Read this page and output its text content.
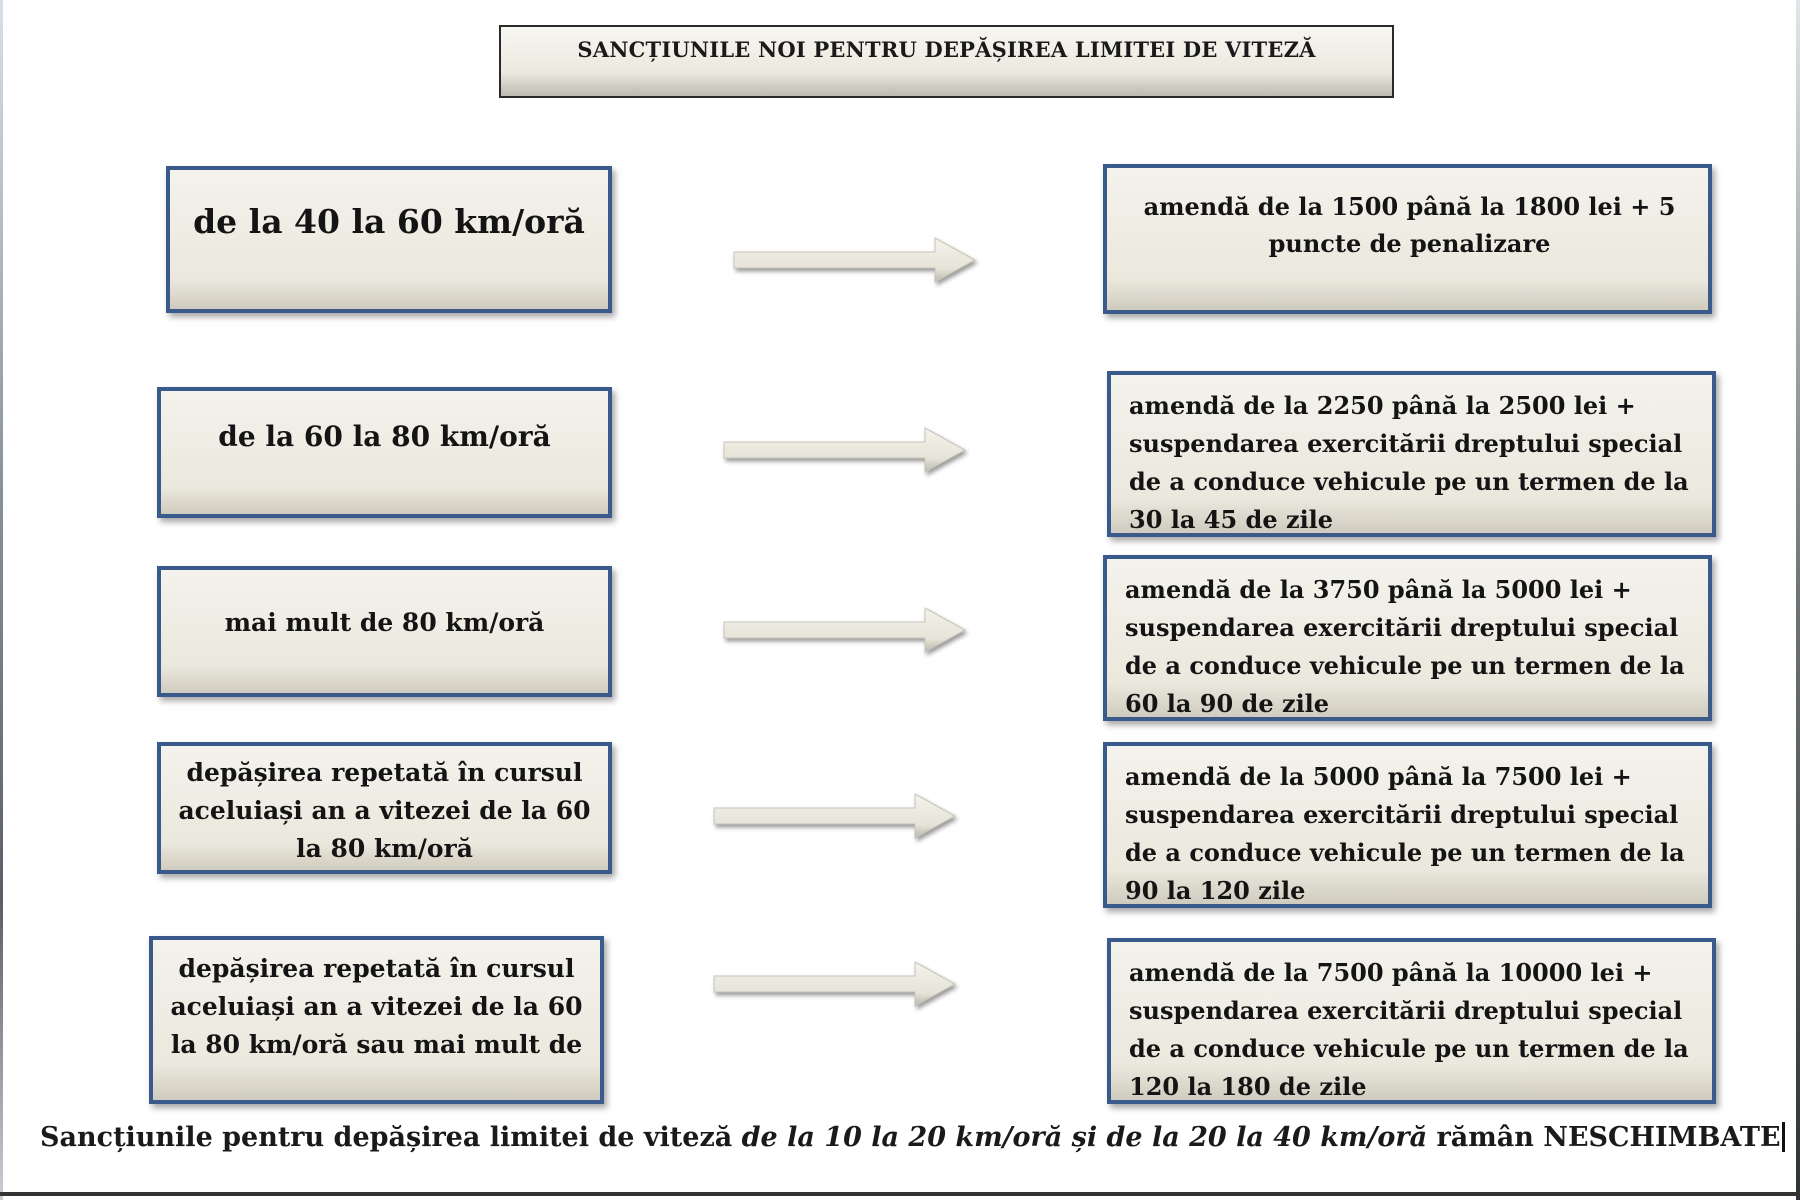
SANCȚIUNILE NOI PENTRU DEPĂȘIREA LIMITEI DE VITEZĂ
de la 40 la 60 km/oră	amendă de la 1500 până la 1800 lei + 5 puncte de penalizare
de la 60 la 80 km/oră
amendă de la 2250 până la 2500 lei + suspendarea exercitării dreptului special de a conduce vehicule pe un termen de la 30 la 45 de zile
mai mult de 80 km/oră
amendă de la 3750 până la 5000 lei + suspendarea exercitării dreptului special de a conduce vehicule pe un termen de la 60 la 90 de zile
depășirea repetată în cursul aceluiași an a vitezei de la 60 la 80 km/oră
amendă de la 5000 până la 7500 lei + suspendarea exercitării dreptului special de a conduce vehicule pe un termen de la 90 la 120 zile
depășirea repetată în cursul aceluiași an a vitezei de la 60 la 80 km/oră sau mai mult de
amendă de la 7500 până la 10000 lei + suspendarea exercitării dreptului special de a conduce vehicule pe un termen de la 120 la 180 de zile
Sancțiunile pentru depășirea limitei de viteză de la 10 la 20 km/oră și de la 20 la 40 km/oră rămân NESCHIMBATE
